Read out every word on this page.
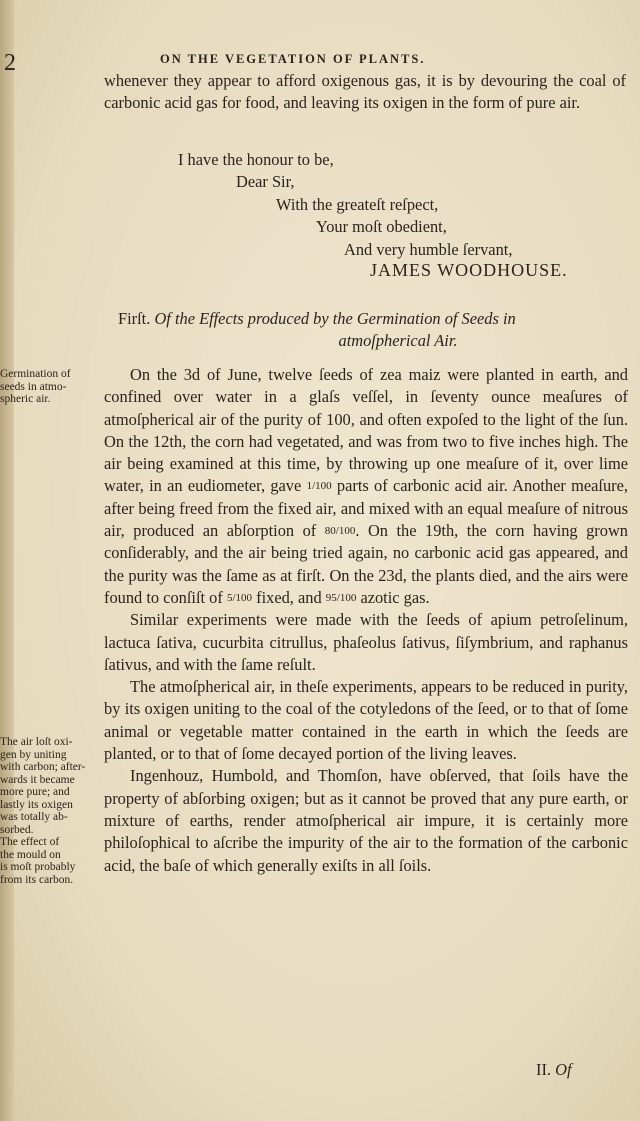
2	ON THE VEGETATION OF PLANTS.

whenever they appear to afford oxigenous gas, it is by devouring the coal of carbonic acid gas for food, and leaving its oxigen in the form of pure air.

I have the honour to be,
Dear Sir,
With the greateſt reſpect,
Your moſt obedient,
And very humble ſervant,
JAMES WOODHOUSE.
Firſt. Of the Effects produced by the Germination of Seeds in
atmoſpherical Air.
Germination of
seeds in atmo-
spheric air.

On the 3d of June, twelve ſeeds of zea maiz were planted in earth, and confined over water in a glaſs veſſel, in ſeventy ounce meaſures of atmoſpherical air of the purity of 100, and often expoſed to the light of the ſun. On the 12th, the corn had vegetated, and was from two to five inches high. The air being examined at this time, by throwing up one meaſure of it, over lime water, in an eudiometer, gave 1/100 parts of carbonic acid air. Another meaſure, after being freed from the fixed air, and mixed with an equal meaſure of nitrous air, produced an abſorption of 80/100. On the 19th, the corn having grown conſiderably, and the air being tried again, no carbonic acid gas appeared, and the purity was the ſame as at firſt. On the 23d, the plants died, and the airs were found to conſiſt of 5/100 fixed, and 95/100 azotic gas.

Similar experiments were made with the ſeeds of apium petroſelinum, lactuca ſativa, cucurbita citrullus, phaſeolus ſativus, ſiſymbrium, and raphanus ſativus, and with the ſame reſult.

The atmoſpherical air, in theſe experiments, appears to be reduced in purity, by its oxigen uniting to the coal of the cotyledons of the ſeed, or to that of ſome animal or vegetable matter contained in the earth in which the ſeeds are planted, or to that of ſome decayed portion of the living leaves.

Ingenhouz, Humbold, and Thomſon, have obſerved, that ſoils have the property of abſorbing oxigen; but as it cannot be proved that any pure earth, or mixture of earths, render atmoſpherical air impure, it is certainly more philoſophical to aſcribe the impurity of the air to the formation of the carbonic acid, the baſe of which generally exiſts in all ſoils.

The air loſt oxi-
gen by uniting
with carbon; after-
wards it became
more pure; and
lastly its oxigen
was totally ab-
sorbed.
The effect of
the mould on
is moſt probably
from its carbon.
II. Of
